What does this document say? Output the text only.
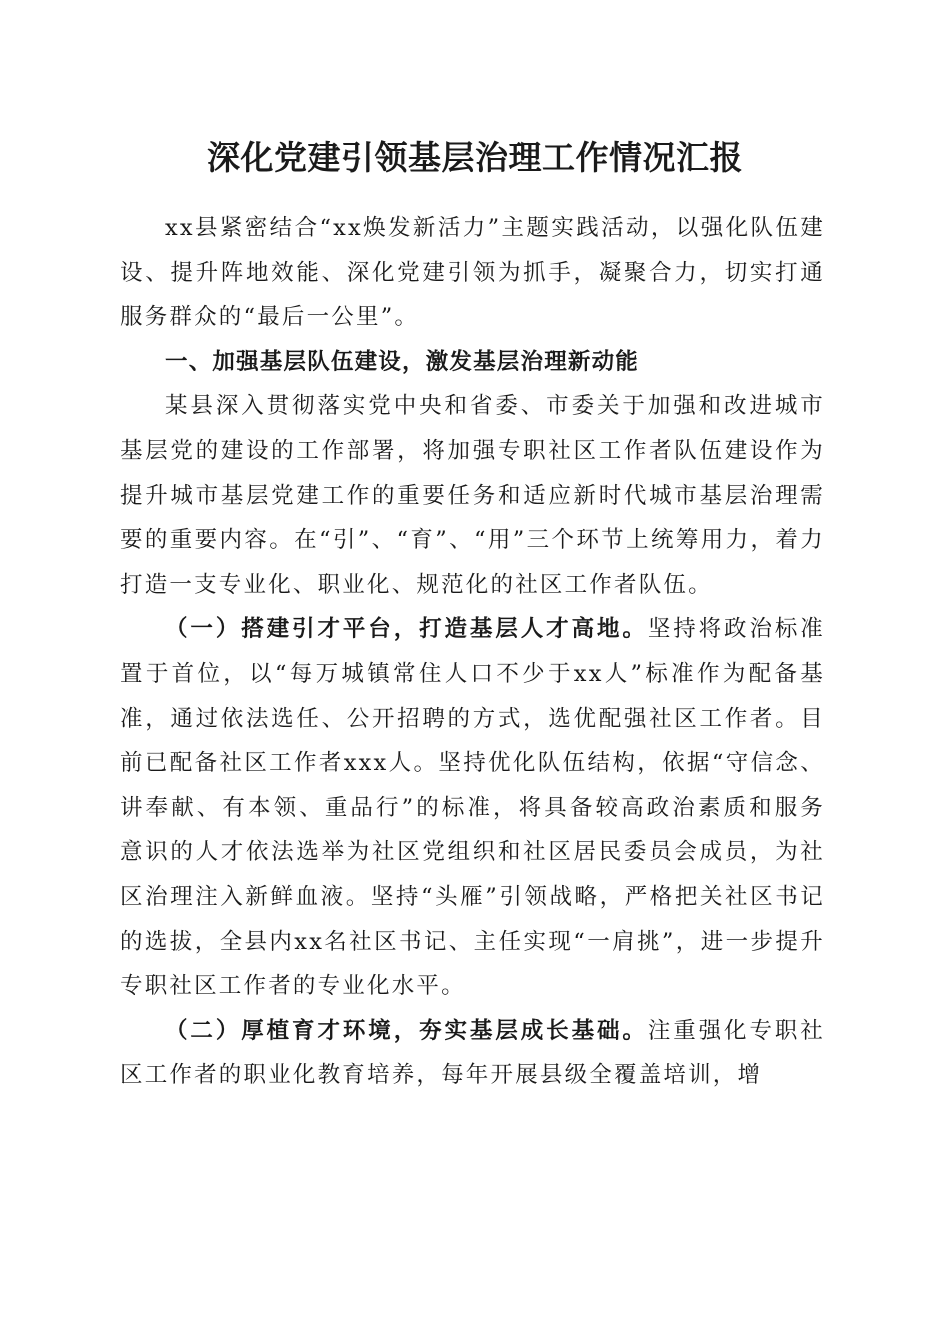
深化党建引领基层治理工作情况汇报

xx县紧密结合“xx焕发新活力”主题实践活动，以强化队伍建设、提升阵地效能、深化党建引领为抓手，凝聚合力，切实打通服务群众的“最后一公里”。

一、加强基层队伍建设，激发基层治理新动能

某县深入贯彻落实党中央和省委、市委关于加强和改进城市基层党的建设的工作部署，将加强专职社区工作者队伍建设作为提升城市基层党建工作的重要任务和适应新时代城市基层治理需要的重要内容。在“引”、“育”、“用”三个环节上统筹用力，着力打造一支专业化、职业化、规范化的社区工作者队伍。

（一）搭建引才平台，打造基层人才高地。坚持将政治标准置于首位，以“每万城镇常住人口不少于xx人”标准作为配备基准，通过依法选任、公开招聘的方式，选优配强社区工作者。目前已配备社区工作者xxx人。坚持优化队伍结构，依据“守信念、讲奉献、有本领、重品行”的标准，将具备较高政治素质和服务意识的人才依法选举为社区党组织和社区居民委员会成员，为社区治理注入新鲜血液。坚持“头雁”引领战略，严格把关社区书记的选拔，全县内xx名社区书记、主任实现“一肩挑”，进一步提升专职社区工作者的专业化水平。

（二）厚植育才环境，夯实基层成长基础。注重强化专职社区工作者的职业化教育培养，每年开展县级全覆盖培训，增
